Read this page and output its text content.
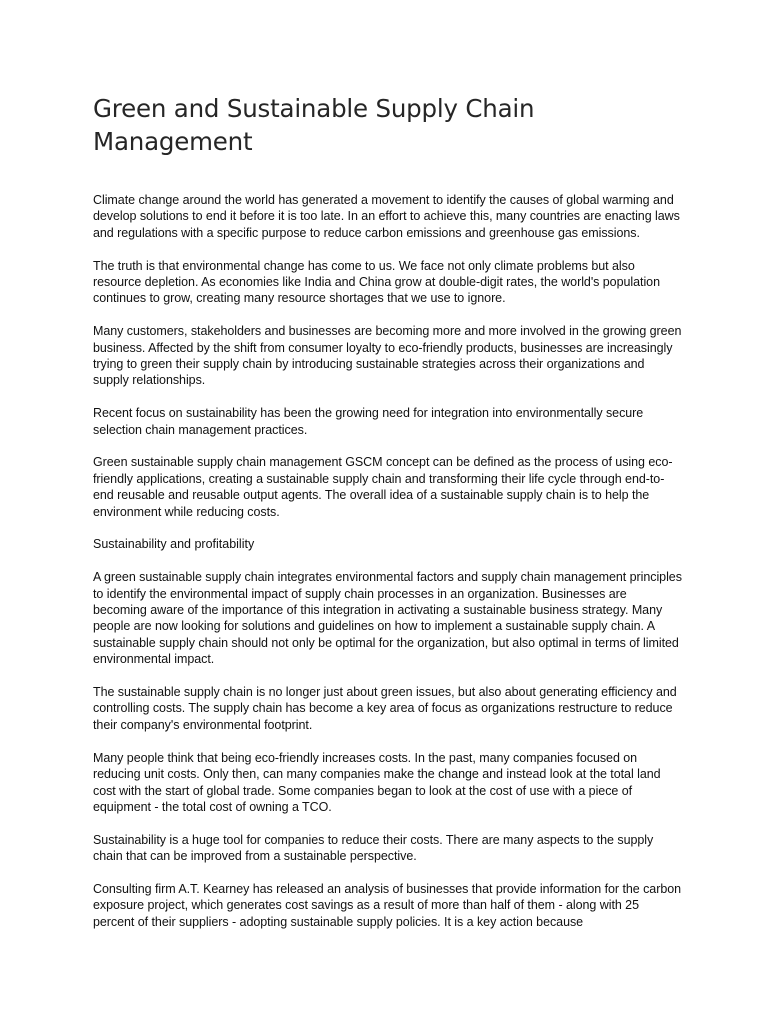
Green and Sustainable Supply Chain Management

Climate change around the world has generated a movement to identify the causes of global warming and develop solutions to end it before it is too late. In an effort to achieve this, many countries are enacting laws and regulations with a specific purpose to reduce carbon emissions and greenhouse gas emissions.

The truth is that environmental change has come to us. We face not only climate problems but also resource depletion. As economies like India and China grow at double-digit rates, the world's population continues to grow, creating many resource shortages that we use to ignore.

Many customers, stakeholders and businesses are becoming more and more involved in the growing green business. Affected by the shift from consumer loyalty to eco-friendly products, businesses are increasingly trying to green their supply chain by introducing sustainable strategies across their organizations and supply relationships.

Recent focus on sustainability has been the growing need for integration into environmentally secure selection chain management practices.

Green sustainable supply chain management GSCM concept can be defined as the process of using eco-friendly applications, creating a sustainable supply chain and transforming their life cycle through end-to-end reusable and reusable output agents. The overall idea of a sustainable supply chain is to help the environment while reducing costs.

Sustainability and profitability

A green sustainable supply chain integrates environmental factors and supply chain management principles to identify the environmental impact of supply chain processes in an organization. Businesses are becoming aware of the importance of this integration in activating a sustainable business strategy. Many people are now looking for solutions and guidelines on how to implement a sustainable supply chain. A sustainable supply chain should not only be optimal for the organization, but also optimal in terms of limited environmental impact.

The sustainable supply chain is no longer just about green issues, but also about generating efficiency and controlling costs. The supply chain has become a key area of focus as organizations restructure to reduce their company's environmental footprint.

Many people think that being eco-friendly increases costs. In the past, many companies focused on reducing unit costs. Only then, can many companies make the change and instead look at the total land cost with the start of global trade. Some companies began to look at the cost of use with a piece of equipment - the total cost of owning a TCO.

Sustainability is a huge tool for companies to reduce their costs. There are many aspects to the supply chain that can be improved from a sustainable perspective.

Consulting firm A.T. Kearney has released an analysis of businesses that provide information for the carbon exposure project, which generates cost savings as a result of more than half of them - along with 25 percent of their suppliers - adopting sustainable supply policies. It is a key action because
